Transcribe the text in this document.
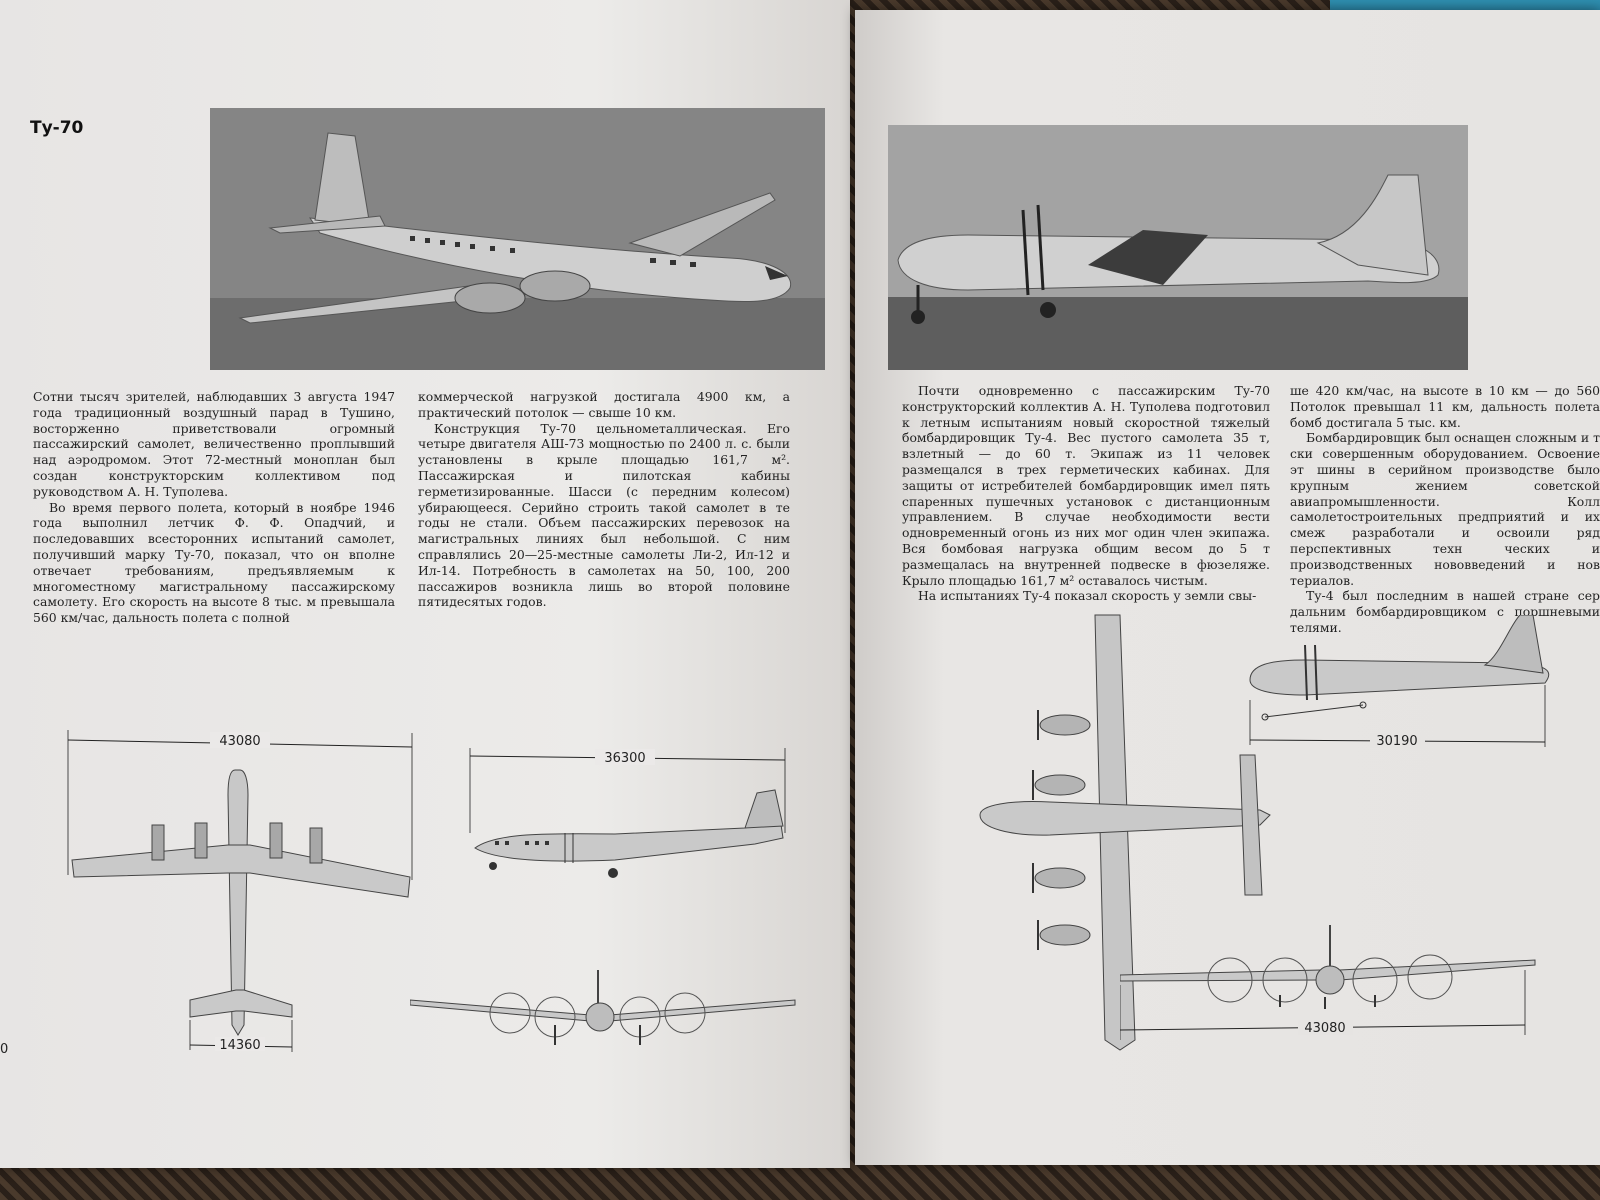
Ту-70

Сотни тысяч зрителей, наблюдавших 3 августа 1947 года традиционный воздушный парад в Тушино, восторженно приветствовали огромный пассажирский самолет, величественно проплывший над аэродромом. Этот 72-местный моноплан был создан конструкторским коллективом под руководством А. Н. Туполева.

Во время первого полета, который в ноябре 1946 года выполнил летчик Ф. Ф. Опадчий, и последовавших всесторонних испытаний самолет, получивший марку Ту-70, показал, что он вполне отвечает требованиям, предъявляемым к многоместному магистральному пассажирскому самолету. Его скорость на высоте 8 тыс. м превышала 560 км/час, дальность полета с полной

коммерческой нагрузкой достигала 4900 км, а практический потолок — свыше 10 км.

Конструкция Ту-70 цельнометаллическая. Его четыре двигателя АШ-73 мощностью по 2400 л. с. были установлены в крыле площадью 161,7 м². Пассажирская и пилотская кабины герметизированные. Шасси (с передним колесом) убирающееся. Серийно строить такой самолет в те годы не стали. Объем пассажирских перевозок на магистральных линиях был небольшой. С ним справлялись 20—25-местные самолеты Ли-2, Ил-12 и Ил-14. Потребность в самолетах на 50, 100, 200 пассажиров возникла лишь во второй половине пятидесятых годов.

43080
14360
36300
0

Почти одновременно с пассажирским Ту-70 конструкторский коллектив А. Н. Туполева подготовил к летным испытаниям новый скоростной тяжелый бомбардировщик Ту-4. Вес пустого самолета 35 т, взлетный — до 60 т. Экипаж из 11 человек размещался в трех герметических кабинах. Для защиты от истребителей бомбардировщик имел пять спаренных пушечных установок с дистанционным управлением. В случае необходимости вести одновременный огонь из них мог один член экипажа. Вся бомбовая нагрузка общим весом до 5 т размещалась на внутренней подвеске в фюзеляже. Крыло площадью 161,7 м² оставалось чистым.

На испытаниях Ту-4 показал скорость у земли свы-

ше 420 км/час, на высоте в 10 км — до 560 Потолок превышал 11 км, дальность полета бомб достигала 5 тыс. км.

Бомбардировщик был оснащен сложным и т ски совершенным оборудованием. Освоение эт шины в серийном производстве было крупным жением советской авиапромышленности. Колл самолетостроительных предприятий и их смеж разработали и освоили ряд перспективных техн ческих и производственных нововведений и нов териалов.

Ту-4 был последним в нашей стране сер дальним бомбардировщиком с поршневыми телями.

30190
43080
